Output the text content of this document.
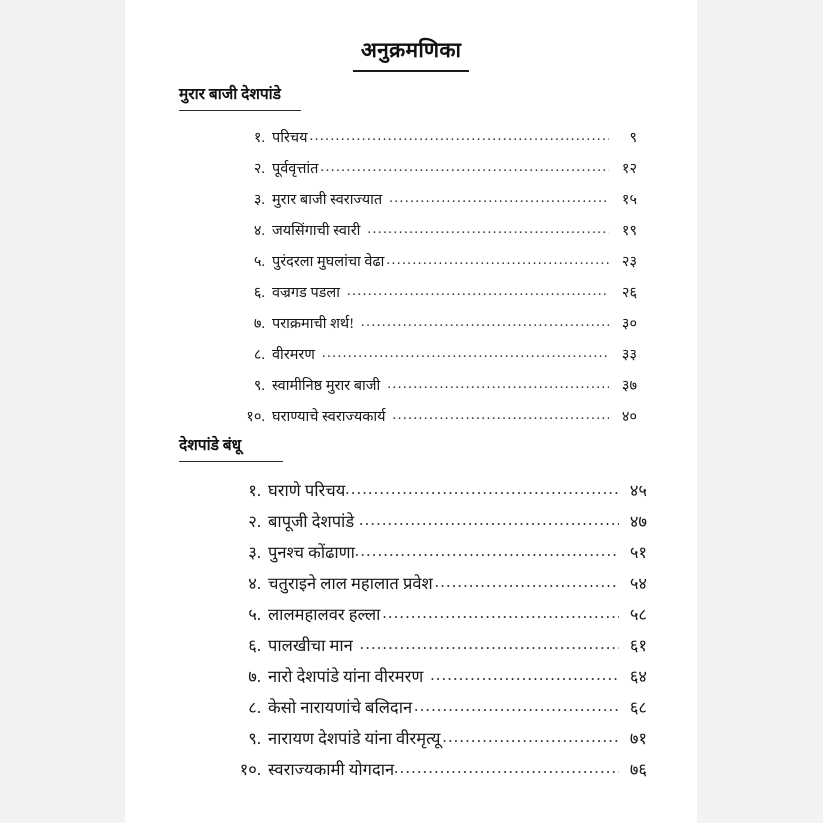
अनुक्रमणिका
मुरार बाजी देशपांडे
१. परिचय .....	९
२. पूर्ववृत्तांत .....	१२
३. मुरार बाजी स्वराज्यात .....	१५
४. जयसिंगाची स्वारी .....	१९
५. पुरंदरला मुघलांचा वेढा .....	२३
६. वज्रगड पडला .....	२६
७. पराक्रमाची शर्थ! .....	३०
८. वीरमरण .....	३३
९. स्वामीनिष्ठ मुरार बाजी .....	३७
१०. घराण्याचे स्वराज्यकार्य .....	४०
देशपांडे बंधू
१. घराणे परिचय .....	४५
२. बापूजी देशपांडे .....	४७
३. पुनश्च कोंढाणा .....	५१
४. चतुराइने लाल महालात प्रवेश .....	५४
५. लालमहालवर हल्ला .....	५८
६. पालखीचा मान .....	६१
७. नारो देशपांडे यांना वीरमरण .....	६४
८. केसो नारायणांचे बलिदान .....	६८
९. नारायण देशपांडे यांना वीरमृत्यू .....	७१
१०. स्वराज्यकामी योगदान .....	७६
